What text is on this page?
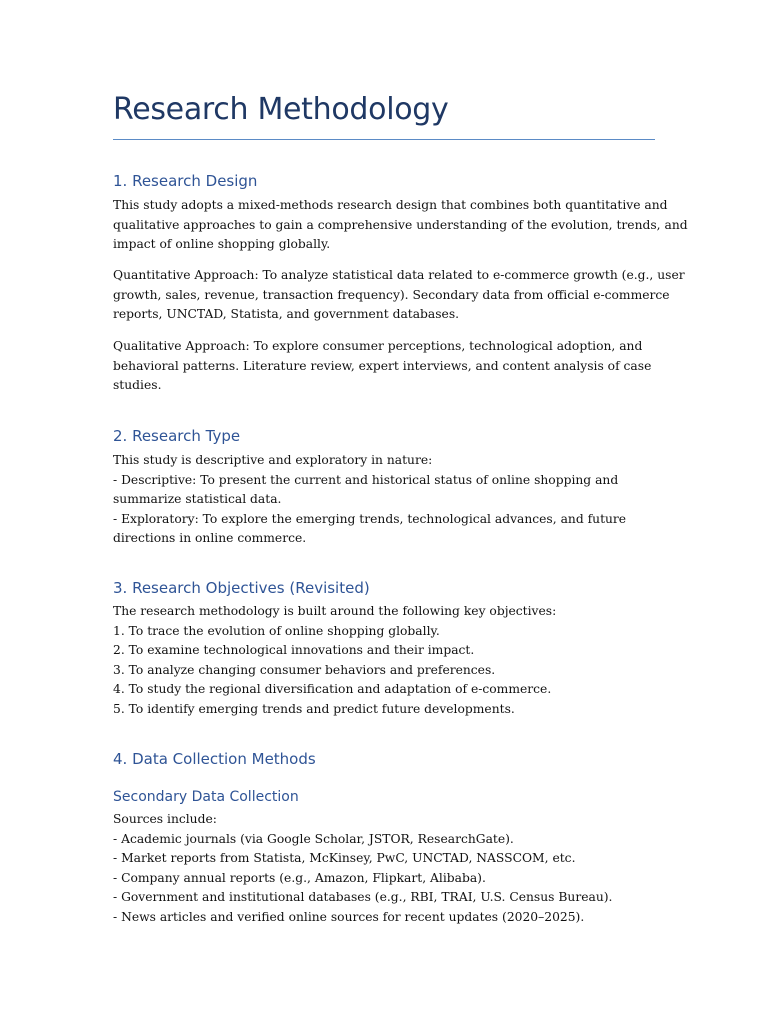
Research Methodology
1. Research Design

This study adopts a mixed-methods research design that combines both quantitative and
qualitative approaches to gain a comprehensive understanding of the evolution, trends, and
impact of online shopping globally.

Quantitative Approach: To analyze statistical data related to e-commerce growth (e.g., user
growth, sales, revenue, transaction frequency). Secondary data from official e-commerce
reports, UNCTAD, Statista, and government databases.

Qualitative Approach: To explore consumer perceptions, technological adoption, and
behavioral patterns. Literature review, expert interviews, and content analysis of case
studies.

2. Research Type

This study is descriptive and exploratory in nature:
- Descriptive: To present the current and historical status of online shopping and
summarize statistical data.
- Exploratory: To explore the emerging trends, technological advances, and future
directions in online commerce.

3. Research Objectives (Revisited)

The research methodology is built around the following key objectives:
1. To trace the evolution of online shopping globally.
2. To examine technological innovations and their impact.
3. To analyze changing consumer behaviors and preferences.
4. To study the regional diversification and adaptation of e-commerce.
5. To identify emerging trends and predict future developments.

4. Data Collection Methods
Secondary Data Collection

Sources include:
- Academic journals (via Google Scholar, JSTOR, ResearchGate).
- Market reports from Statista, McKinsey, PwC, UNCTAD, NASSCOM, etc.
- Company annual reports (e.g., Amazon, Flipkart, Alibaba).
- Government and institutional databases (e.g., RBI, TRAI, U.S. Census Bureau).
- News articles and verified online sources for recent updates (2020–2025).
